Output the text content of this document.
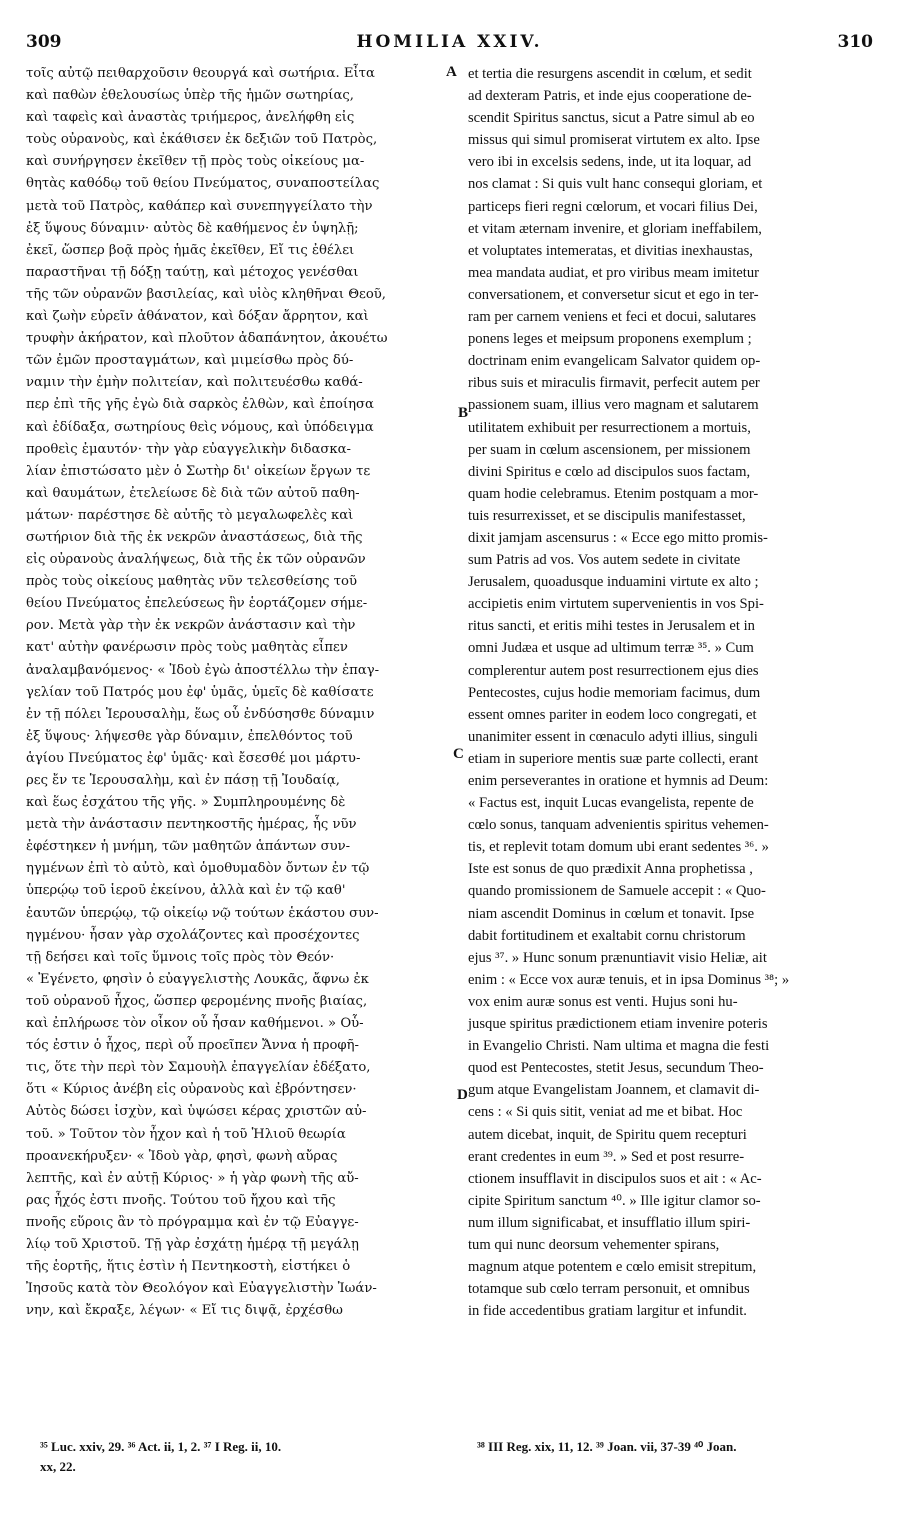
309	HOMILIA XXIV.	310

τοῖς αὐτῷ πειθαρχοῦσιν θεουργά καὶ σωτήρια. Εἶτα

καὶ παθὼν ἐθελουσίως ὑπὲρ τῆς ἡμῶν σωτηρίας,

καὶ ταφεὶς καὶ ἀναστὰς τριήμερος, ἀνελήφθη εἰς

τοὺς οὐρανοὺς, καὶ ἐκάθισεν ἐκ δεξιῶν τοῦ Πατρὸς,

καὶ συνήργησεν ἐκεῖθεν τῇ πρὸς τοὺς οἰκείους μα-

θητὰς καθόδῳ τοῦ θείου Πνεύματος, συναποστείλας

μετὰ τοῦ Πατρὸς, καθάπερ καὶ συνεπηγγείλατο τὴν

ἐξ ὕψους δύναμιν· αὐτὸς δὲ καθήμενος ἐν ὑψηλῇ;

ἐκεῖ, ὥσπερ βοᾷ πρὸς ἡμᾶς ἐκεῖθεν, Εἴ τις ἐθέλει

παραστῆναι τῇ δόξῃ ταύτῃ, καὶ μέτοχος γενέσθαι

τῆς τῶν οὐρανῶν βασιλείας, καὶ υἱὸς κληθῆναι Θεοῦ,

καὶ ζωὴν εὑρεῖν ἀθάνατον, καὶ δόξαν ἄρρητον, καὶ

τρυφὴν ἀκήρατον, καὶ πλοῦτον ἀδαπάνητον, ἀκουέτω

τῶν ἐμῶν προσταγμάτων, καὶ μιμείσθω πρὸς δύ-

ναμιν τὴν ἐμὴν πολιτείαν, καὶ πολιτευέσθω καθά-

περ ἐπὶ τῆς γῆς ἐγὼ διὰ σαρκὸς ἐλθὼν, καὶ ἐποίησα

καὶ ἐδίδαξα, σωτηρίους θεὶς νόμους, καὶ ὑπόδειγμα

προθεὶς ἐμαυτόν· τὴν γὰρ εὐαγγελικὴν διδασκα-

λίαν ἐπιστώσατο μὲν ὁ Σωτὴρ δι' οἰκείων ἔργων τε

καὶ θαυμάτων, ἐτελείωσε δὲ διὰ τῶν αὐτοῦ παθη-

μάτων· παρέστησε δὲ αὐτῆς τὸ μεγαλωφελὲς καὶ

σωτήριον διὰ τῆς ἐκ νεκρῶν ἀναστάσεως, διὰ τῆς

εἰς οὐρανοὺς ἀναλήψεως, διὰ τῆς ἐκ τῶν οὐρανῶν

πρὸς τοὺς οἰκείους μαθητὰς νῦν τελεσθείσης τοῦ

θείου Πνεύματος ἐπελεύσεως ἣν ἑορτάζομεν σήμε-

ρον. Μετὰ γὰρ τὴν ἐκ νεκρῶν ἀνάστασιν καὶ τὴν

κατ' αὐτὴν φανέρωσιν πρὸς τοὺς μαθητὰς εἶπεν

ἀναλαμβανόμενος· « Ἰδοὺ ἐγὼ ἀποστέλλω τὴν ἐπαγ-

γελίαν τοῦ Πατρός μου ἐφ' ὑμᾶς, ὑμεῖς δὲ καθίσατε

ἐν τῇ πόλει Ἱερουσαλὴμ, ἕως οὗ ἐνδύσησθε δύναμιν

ἐξ ὕψους· λήψεσθε γὰρ δύναμιν, ἐπελθόντος τοῦ

ἁγίου Πνεύματος ἐφ' ὑμᾶς· καὶ ἔσεσθέ μοι μάρτυ-

ρες ἔν τε Ἱερουσαλὴμ, καὶ ἐν πάσῃ τῇ Ἰουδαίᾳ,

καὶ ἕως ἐσχάτου τῆς γῆς. » Συμπληρουμένης δὲ

μετὰ τὴν ἀνάστασιν πεντηκοστῆς ἡμέρας, ἧς νῦν

ἐφέστηκεν ἡ μνήμη, τῶν μαθητῶν ἁπάντων συν-

ηγμένων ἐπὶ τὸ αὐτὸ, καὶ ὁμοθυμαδὸν ὄντων ἐν τῷ

ὑπερῴῳ τοῦ ἱεροῦ ἐκείνου, ἀλλὰ καὶ ἐν τῷ καθ'

ἑαυτῶν ὑπερῴῳ, τῷ οἰκείῳ νῷ τούτων ἑκάστου συν-

ηγμένου· ἦσαν γὰρ σχολάζοντες καὶ προσέχοντες

τῇ δεήσει καὶ τοῖς ὕμνοις τοῖς πρὸς τὸν Θεόν·

« Ἐγένετο, φησὶν ὁ εὐαγγελιστὴς Λουκᾶς, ἄφνω ἐκ

τοῦ οὐρανοῦ ἦχος, ὥσπερ φερομένης πνοῆς βιαίας,

καὶ ἐπλήρωσε τὸν οἶκον οὗ ἦσαν καθήμενοι. » Οὗ-

τός ἐστιν ὁ ἦχος, περὶ οὗ προεῖπεν Ἄννα ἡ προφῆ-

τις, ὅτε τὴν περὶ τὸν Σαμουὴλ ἐπαγγελίαν ἐδέξατο,

ὅτι « Κύριος ἀνέβη εἰς οὐρανοὺς καὶ ἐβρόντησεν·

Αὐτὸς δώσει ἰσχὺν, καὶ ὑψώσει κέρας χριστῶν αὐ-

τοῦ. » Τοῦτον τὸν ἦχον καὶ ἡ τοῦ Ἡλιοῦ θεωρία

προανεκήρυξεν· « Ἰδοὺ γὰρ, φησὶ, φωνὴ αὔρας

λεπτῆς, καὶ ἐν αὐτῇ Κύριος· » ἡ γὰρ φωνὴ τῆς αὔ-

ρας ἦχός ἐστι πνοῆς. Τούτου τοῦ ἤχου καὶ τῆς

πνοῆς εὕροις ἂν τὸ πρόγραμμα καὶ ἐν τῷ Εὐαγγε-

λίῳ τοῦ Χριστοῦ. Τῇ γὰρ ἐσχάτῃ ἡμέρᾳ τῇ μεγάλῃ

τῆς ἑορτῆς, ἥτις ἐστὶν ἡ Πεντηκοστὴ, εἱστήκει ὁ

Ἰησοῦς κατὰ τὸν Θεολόγον καὶ Εὐαγγελιστὴν Ἰωάν-

νην, καὶ ἔκραξε, λέγων· « Εἴ τις διψᾷ, ἐρχέσθω

A
B
C
D

et tertia die resurgens ascendit in cœlum, et sedit

ad dexteram Patris, et inde ejus cooperatione de-

scendit Spiritus sanctus, sicut a Patre simul ab eo

missus qui simul promiserat virtutem ex alto. Ipse

vero ibi in excelsis sedens, inde, ut ita loquar, ad

nos clamat : Si quis vult hanc consequi gloriam, et

particeps fieri regni cœlorum, et vocari filius Dei,

et vitam æternam invenire, et gloriam ineffabilem,

et voluptates intemeratas, et divitias inexhaustas,

mea mandata audiat, et pro viribus meam imitetur

conversationem, et conversetur sicut et ego in ter-

ram per carnem veniens et feci et docui, salutares

ponens leges et meipsum proponens exemplum ;

doctrinam enim evangelicam Salvator quidem op-

ribus suis et miraculis firmavit, perfecit autem per

passionem suam, illius vero magnam et salutarem

utilitatem exhibuit per resurrectionem a mortuis,

per suam in cœlum ascensionem, per missionem

divini Spiritus e cœlo ad discipulos suos factam,

quam hodie celebramus. Etenim postquam a mor-

tuis resurrexisset, et se discipulis manifestasset,

dixit jamjam ascensurus : « Ecce ego mitto promis-

sum Patris ad vos. Vos autem sedete in civitate

Jerusalem, quoadusque induamini virtute ex alto ;

accipietis enim virtutem supervenientis in vos Spi-

ritus sancti, et eritis mihi testes in Jerusalem et in

omni Judæa et usque ad ultimum terræ ³⁵. » Cum

complerentur autem post resurrectionem ejus dies

Pentecostes, cujus hodie memoriam facimus, dum

essent omnes pariter in eodem loco congregati, et

unanimiter essent in cœnaculo adyti illius, singuli

etiam in superiore mentis suæ parte collecti, erant

enim perseverantes in oratione et hymnis ad Deum:

« Factus est, inquit Lucas evangelista, repente de

cœlo sonus, tanquam advenientis spiritus vehemen-

tis, et replevit totam domum ubi erant sedentes ³⁶. »

Iste est sonus de quo prædixit Anna prophetissa ,

quando promissionem de Samuele accepit : « Quo-

niam ascendit Dominus in cœlum et tonavit. Ipse

dabit fortitudinem et exaltabit cornu christorum

ejus ³⁷. » Hunc sonum prænuntiavit visio Heliæ, ait

enim : « Ecce vox auræ tenuis, et in ipsa Dominus ³⁸; »

vox enim auræ sonus est venti. Hujus soni hu-

jusque spiritus prædictionem etiam invenire poteris

in Evangelio Christi. Nam ultima et magna die festi

quod est Pentecostes, stetit Jesus, secundum Theo-

gum atque Evangelistam Joannem, et clamavit di-

cens : « Si quis sitit, veniat ad me et bibat. Hoc

autem dicebat, inquit, de Spiritu quem recepturi

erant credentes in eum ³⁹. » Sed et post resurre-

ctionem insufflavit in discipulos suos et ait : « Ac-

cipite Spiritum sanctum ⁴⁰. » Ille igitur clamor so-

num illum significabat, et insufflatio illum spiri-

tum qui nunc deorsum vehementer spirans,

magnum atque potentem e cœlo emisit strepitum,

totamque sub cœlo terram personuit, et omnibus

in fide accedentibus gratiam largitur et infundit.

³⁵ Luc. xxiv, 29. ³⁶ Act. ii, 1, 2. ³⁷ I Reg. ii, 10.

xx, 22.

³⁸ III Reg. xix, 11, 12. ³⁹ Joan. vii, 37-39 ⁴⁰ Joan.
